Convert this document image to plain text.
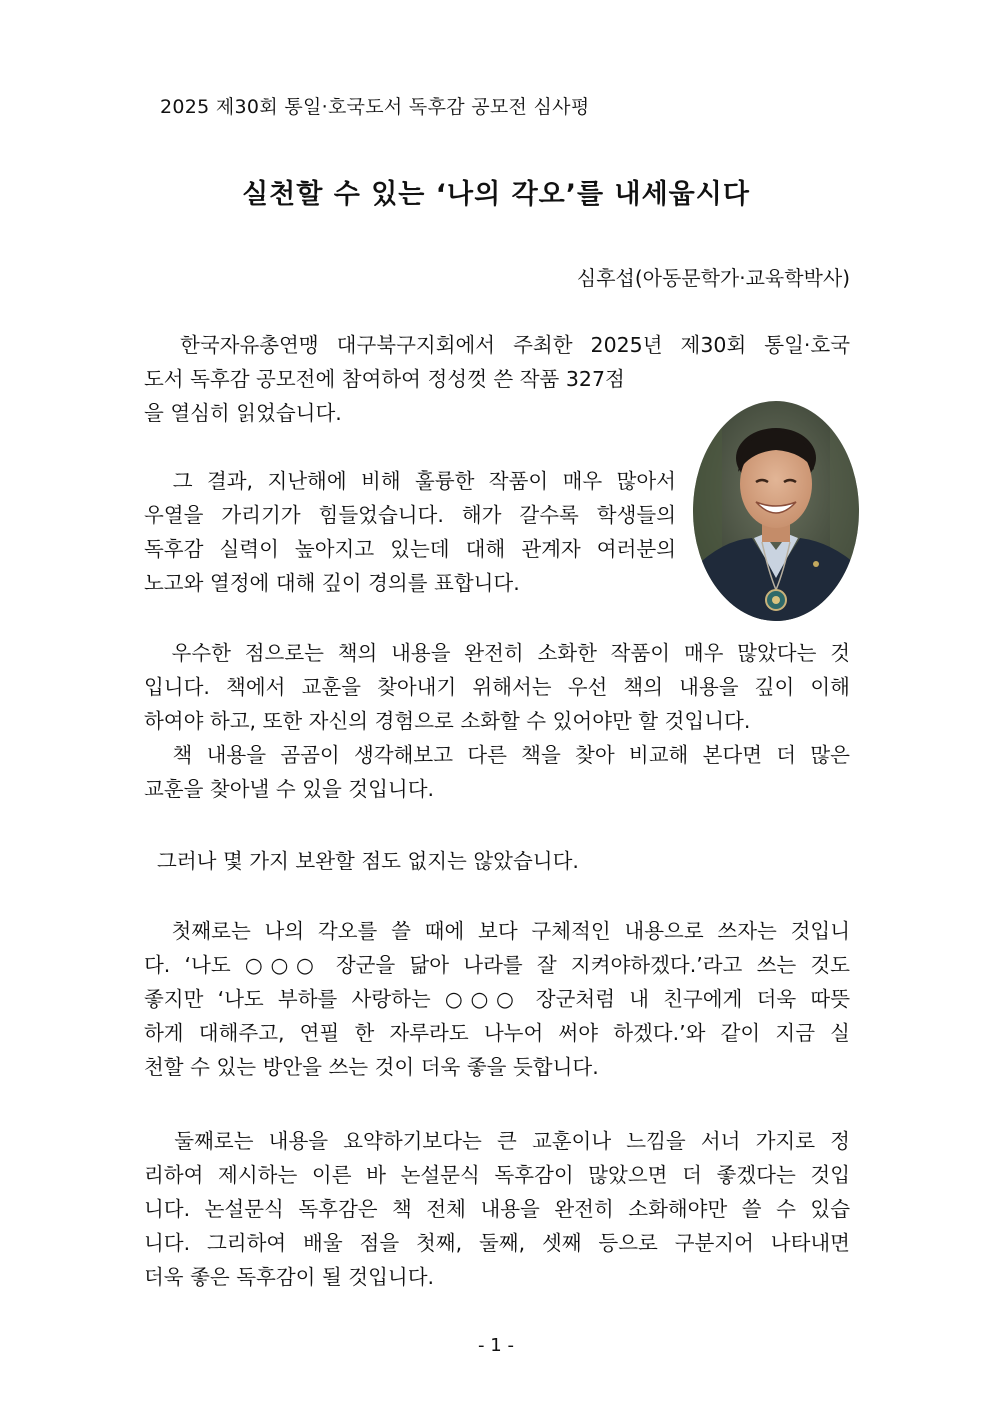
2025 제30회 통일·호국도서 독후감 공모전 심사평
실천할 수 있는 ‘나의 각오’를 내세웁시다
심후섭(아동문학가·교육학박사)
한국자유총연맹 대구북구지회에서 주최한 2025년 제30회 통일·호국
도서 독후감 공모전에 참여하여 정성껏 쓴 작품 327점
을 열심히 읽었습니다.
그 결과, 지난해에 비해 훌륭한 작품이 매우 많아서
우열을 가리기가 힘들었습니다. 해가 갈수록 학생들의
독후감 실력이 높아지고 있는데 대해 관계자 여러분의
노고와 열정에 대해 깊이 경의를 표합니다.
우수한 점으로는 책의 내용을 완전히 소화한 작품이 매우 많았다는 것
입니다. 책에서 교훈을 찾아내기 위해서는 우선 책의 내용을 깊이 이해
하여야 하고, 또한 자신의 경험으로 소화할 수 있어야만 할 것입니다.
책 내용을 곰곰이 생각해보고 다른 책을 찾아 비교해 본다면 더 많은
교훈을 찾아낼 수 있을 것입니다.
그러나 몇 가지 보완할 점도 없지는 않았습니다.
첫째로는 나의 각오를 쓸 때에 보다 구체적인 내용으로 쓰자는 것입니
다. ‘나도 ○○○ 장군을 닮아 나라를 잘 지켜야하겠다.’라고 쓰는 것도
좋지만 ‘나도 부하를 사랑하는 ○○○ 장군처럼 내 친구에게 더욱 따뜻
하게 대해주고, 연필 한 자루라도 나누어 써야 하겠다.’와 같이 지금 실
천할 수 있는 방안을 쓰는 것이 더욱 좋을 듯합니다.
둘째로는 내용을 요약하기보다는 큰 교훈이나 느낌을 서너 가지로 정
리하여 제시하는 이른 바 논설문식 독후감이 많았으면 더 좋겠다는 것입
니다. 논설문식 독후감은 책 전체 내용을 완전히 소화해야만 쓸 수 있습
니다. 그리하여 배울 점을 첫째, 둘째, 셋째 등으로 구분지어 나타내면
더욱 좋은 독후감이 될 것입니다.
- 1 -
